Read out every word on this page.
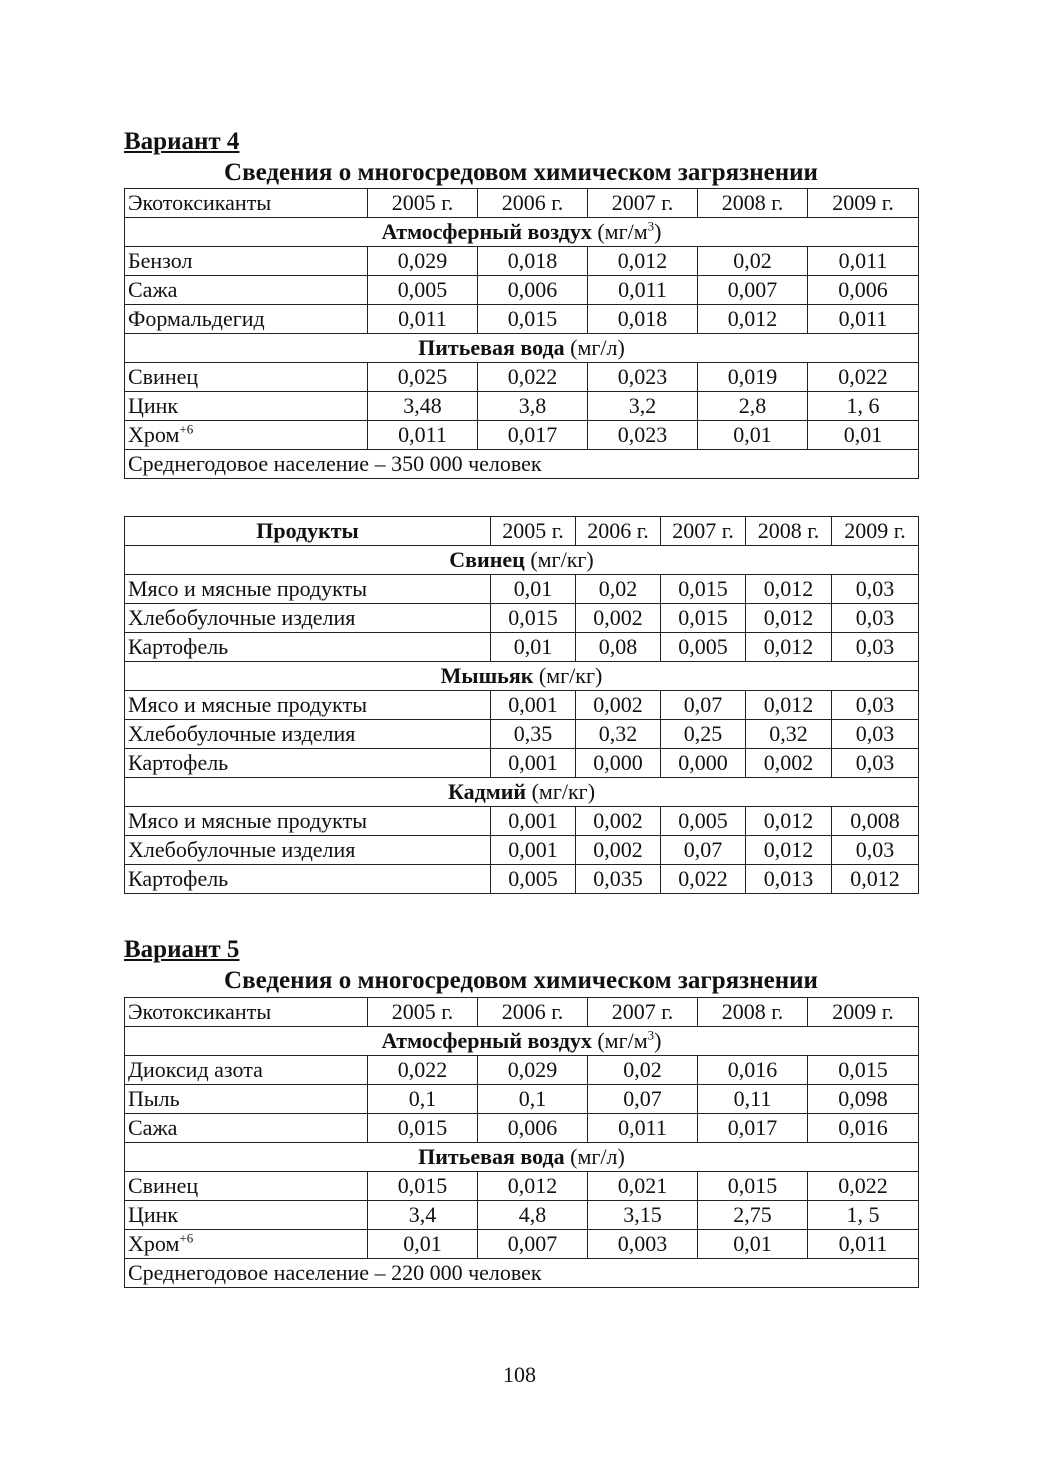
Вариант 4
Сведения о многосредовом химическом загрязнении
Экотоксиканты	2005 г.	2006 г.	2007 г.	2008 г.	2009 г.
Атмосферный воздух $(мг/м^3)$					
Бензол	0,029	0,018	0,012	0,02	0,011
Сажа	0,005	0,006	0,011	0,007	0,006
Формальдегид	0,011	0,015	0,018	0,012	0,011
Питьевая вода (мг/л)					
Свинец	0,025	0,022	0,023	0,019	0,022
Цинк	3,48	3,8	3,2	2,8	1, 6
Хром$^{+6}$	0,011	0,017	0,023	0,01	0,01
Среднегодовое население – 350 000 человек					
Продукты	2005 г.	2006 г.	2007 г.	2008 г.	2009 г.
Свинец (мг/кг)					
Мясо и мясные продукты	0,01	0,02	0,015	0,012	0,03
Хлебобулочные изделия	0,015	0,002	0,015	0,012	0,03
Картофель	0,01	0,08	0,005	0,012	0,03
Мышьяк (мг/кг)					
Мясо и мясные продукты	0,001	0,002	0,07	0,012	0,03
Хлебобулочные изделия	0,35	0,32	0,25	0,32	0,03
Картофель	0,001	0,000	0,000	0,002	0,03
Кадмий (мг/кг)					
Мясо и мясные продукты	0,001	0,002	0,005	0,012	0,008
Хлебобулочные изделия	0,001	0,002	0,07	0,012	0,03
Картофель	0,005	0,035	0,022	0,013	0,012
Вариант 5
Сведения о многосредовом химическом загрязнении
Экотоксиканты	2005 г.	2006 г.	2007 г.	2008 г.	2009 г.
Атмосферный воздух $(мг/м^3)$					
Диоксид азота	0,022	0,029	0,02	0,016	0,015
Пыль	0,1	0,1	0,07	0,11	0,098
Сажа	0,015	0,006	0,011	0,017	0,016
Питьевая вода (мг/л)					
Свинец	0,015	0,012	0,021	0,015	0,022
Цинк	3,4	4,8	3,15	2,75	1, 5
Хром$^{+6}$	0,01	0,007	0,003	0,01	0,011
Среднегодовое население – 220 000 человек					
108
